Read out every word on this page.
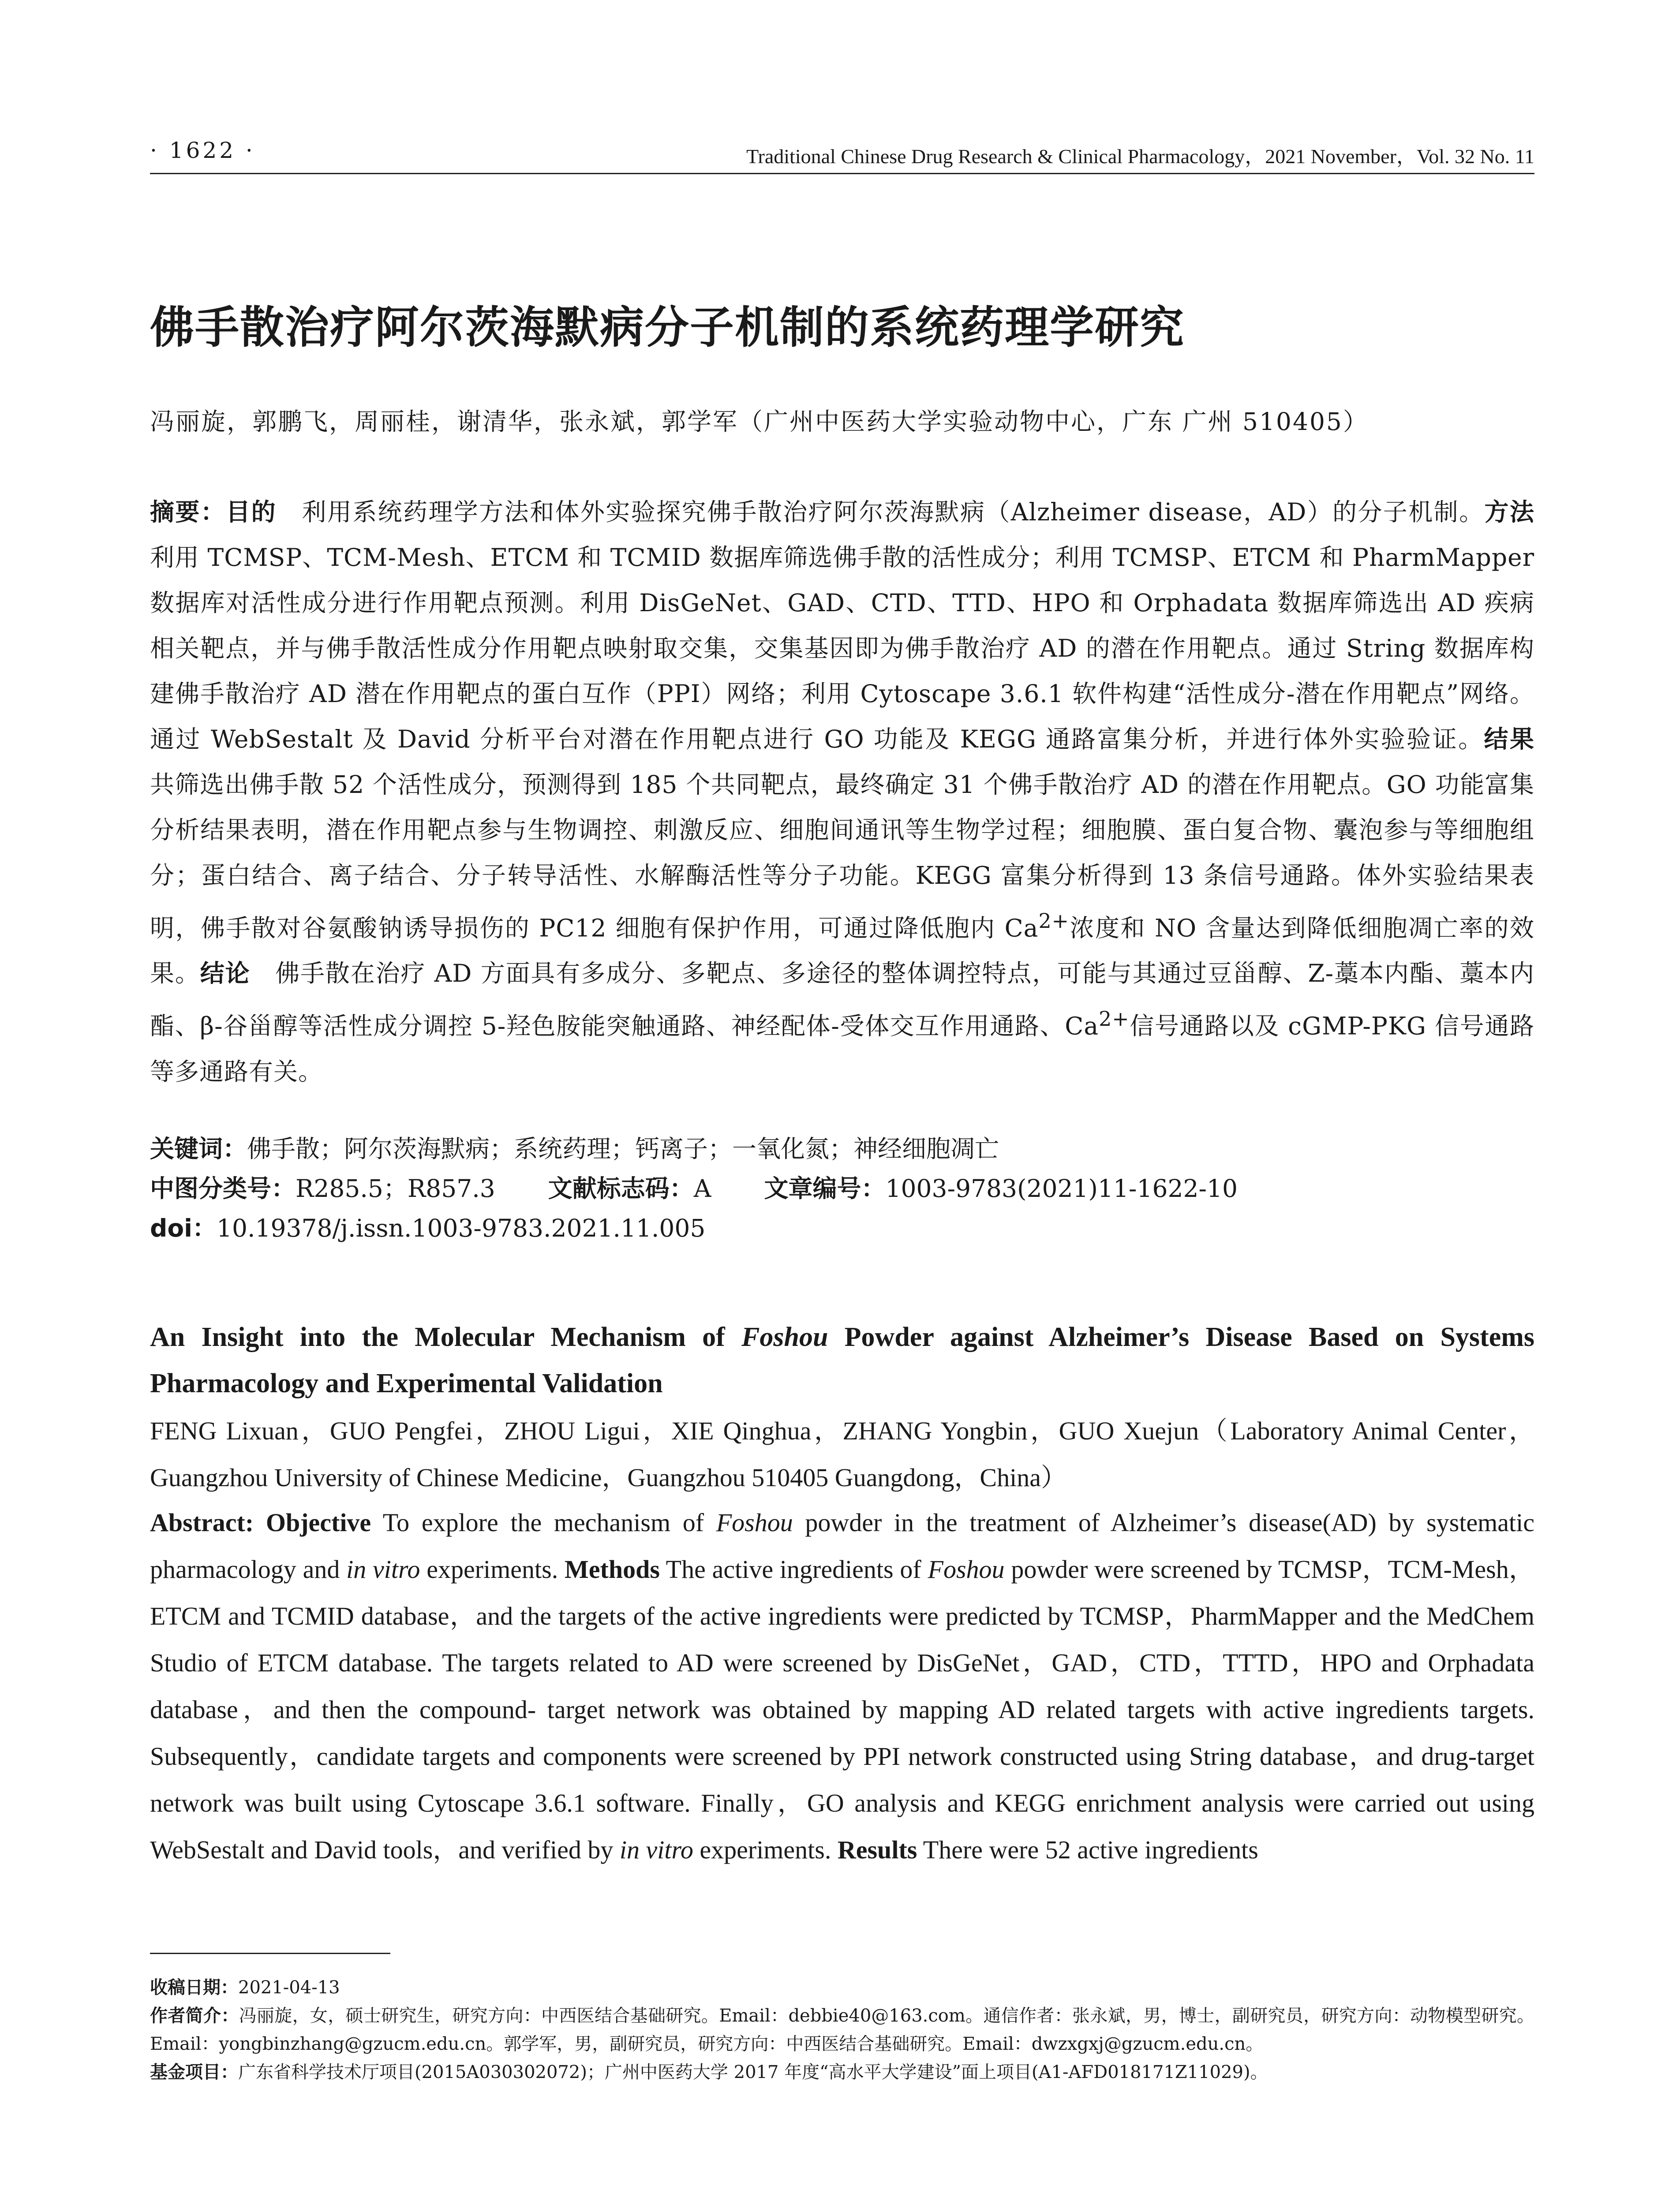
· 1622 ·	Traditional Chinese Drug Research & Clinical Pharmacology，2021 November，Vol. 32 No. 11
佛手散治疗阿尔茨海默病分子机制的系统药理学研究
冯丽旋，郭鹏飞，周丽桂，谢清华，张永斌，郭学军（广州中医药大学实验动物中心，广东 广州 510405）
摘要：目的　 利用系统药理学方法和体外实验探究佛手散治疗阿尔茨海默病（Alzheimer disease，AD）的分子机制。方法　利用 TCMSP、TCM-Mesh、ETCM 和 TCMID 数据库筛选佛手散的活性成分；利用 TCMSP、ETCM 和 PharmMapper 数据库对活性成分进行作用靶点预测。利用 DisGeNet、GAD、CTD、TTD、HPO 和 Orphadata 数据库筛选出 AD 疾病相关靶点，并与佛手散活性成分作用靶点映射取交集，交集基因即为佛手散治疗 AD 的潜在作用靶点。通过 String 数据库构建佛手散治疗 AD 潜在作用靶点的蛋白互作（PPI）网络；利用 Cytoscape 3.6.1 软件构建“活性成分-潜在作用靶点”网络。通过 WebSestalt 及 David 分析平台对潜在作用靶点进行 GO 功能及 KEGG 通路富集分析，并进行体外实验验证。结果　共筛选出佛手散 52 个活性成分，预测得到 185 个共同靶点，最终确定 31 个佛手散治疗 AD 的潜在作用靶点。GO 功能富集分析结果表明，潜在作用靶点参与生物调控、刺激反应、细胞间通讯等生物学过程；细胞膜、蛋白复合物、囊泡参与等细胞组分；蛋白结合、离子结合、分子转导活性、水解酶活性等分子功能。KEGG 富集分析得到 13 条信号通路。体外实验结果表明，佛手散对谷氨酸钠诱导损伤的 PC12 细胞有保护作用，可通过降低胞内 $Ca^{2+}$浓度和 NO 含量达到降低细胞凋亡率的效果。结论　 佛手散在治疗 AD 方面具有多成分、多靶点、多途径的整体调控特点，可能与其通过豆甾醇、Z-藁本内酯、藁本内酯、β-谷甾醇等活性成分调控 5-羟色胺能突触通路、神经配体-受体交互作用通路、$Ca^{2+}$信号通路以及 cGMP-PKG 信号通路等多通路有关。
关键词：佛手散；阿尔茨海默病；系统药理；钙离子；一氧化氮；神经细胞凋亡
中图分类号：R285.5；R857.3 文献标志码：A 文章编号：1003-9783(2021)11-1622-10
doi：10.19378/j.issn.1003-9783.2021.11.005
An Insight into the Molecular Mechanism of Foshou Powder against Alzheimer’s Disease Based on Systems Pharmacology and Experimental Validation
FENG Lixuan，GUO Pengfei，ZHOU Ligui，XIE Qinghua，ZHANG Yongbin，GUO Xuejun（Laboratory Animal Center，Guangzhou University of Chinese Medicine，Guangzhou 510405 Guangdong，China）
Abstract: Objective To explore the mechanism of Foshou powder in the treatment of Alzheimer’s disease(AD) by systematic pharmacology and in vitro experiments. Methods The active ingredients of Foshou powder were screened by TCMSP，TCM-Mesh，ETCM and TCMID database，and the targets of the active ingredients were predicted by TCMSP，PharmMapper and the MedChem Studio of ETCM database. The targets related to AD were screened by DisGeNet，GAD，CTD，TTTD，HPO and Orphadata database，and then the compound- target network was obtained by mapping AD related targets with active ingredients targets. Subsequently，candidate targets and components were screened by PPI network constructed using String database，and drug-target network was built using Cytoscape 3.6.1 software. Finally，GO analysis and KEGG enrichment analysis were carried out using WebSestalt and David tools，and verified by in vitro experiments. Results There were 52 active ingredients
收稿日期：2021-04-13
作者简介：冯丽旋，女，硕士研究生，研究方向：中西医结合基础研究。Email：debbie40@163.com。通信作者：张永斌，男，博士，副研究员，研究方向：动物模型研究。Email：yongbinzhang@gzucm.edu.cn。郭学军，男，副研究员，研究方向：中西医结合基础研究。Email：dwzxgxj@gzucm.edu.cn。
基金项目：广东省科学技术厅项目(2015A030302072)；广州中医药大学 2017 年度“高水平大学建设”面上项目(A1-AFD018171Z11029)。
